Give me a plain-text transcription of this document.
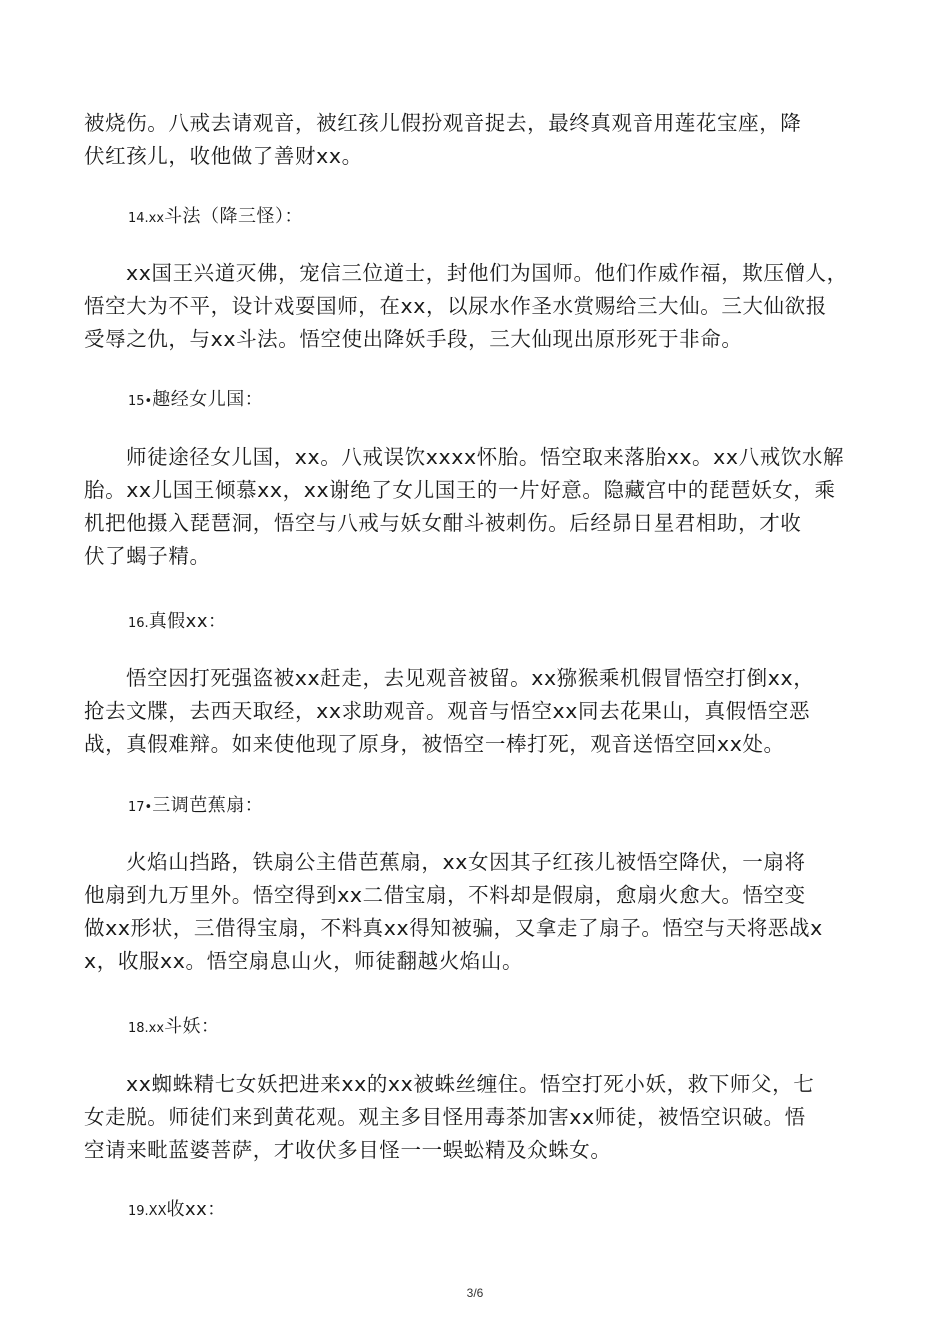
被烧伤。八戒去请观音，被红孩儿假扮观音捉去，最终真观音用莲花宝座，降
伏红孩儿，收他做了善财xx。
14.xx斗法（降三怪）：
xx国王兴道灭佛，宠信三位道士，封他们为国师。他们作威作福，欺压僧人，
悟空大为不平，设计戏耍国师，在xx，以尿水作圣水赏赐给三大仙。三大仙欲报
受辱之仇，与xx斗法。悟空使出降妖手段，三大仙现出原形死于非命。
15•趣经女儿国：
师徒途径女儿国，xx。八戒误饮xxxx怀胎。悟空取来落胎xx。xx八戒饮水解
胎。xx儿国王倾慕xx，xx谢绝了女儿国王的一片好意。隐藏宫中的琵琶妖女，乘
机把他摄入琵琶洞，悟空与八戒与妖女酣斗被刺伤。后经昴日星君相助，才收
伏了蝎子精。
16.真假xx：
悟空因打死强盗被xx赶走，去见观音被留。xx猕猴乘机假冒悟空打倒xx，
抢去文牒，去西天取经，xx求助观音。观音与悟空xx同去花果山，真假悟空恶
战，真假难辩。如来使他现了原身，被悟空一棒打死，观音送悟空回xx处。
17•三调芭蕉扇：
火焰山挡路，铁扇公主借芭蕉扇，xx女因其子红孩儿被悟空降伏，一扇将
他扇到九万里外。悟空得到xx二借宝扇，不料却是假扇，愈扇火愈大。悟空变
做xx形状，三借得宝扇，不料真xx得知被骗，又拿走了扇子。悟空与天将恶战x
x，收服xx。悟空扇息山火，师徒翻越火焰山。
18.xx斗妖：
xx蜘蛛精七女妖把进来xx的xx被蛛丝缠住。悟空打死小妖，救下师父，七
女走脱。师徒们来到黄花观。观主多目怪用毒茶加害xx师徒，被悟空识破。悟
空请来毗蓝婆菩萨，才收伏多目怪一一蜈蚣精及众蛛女。
19.XX收xx：
3/6
